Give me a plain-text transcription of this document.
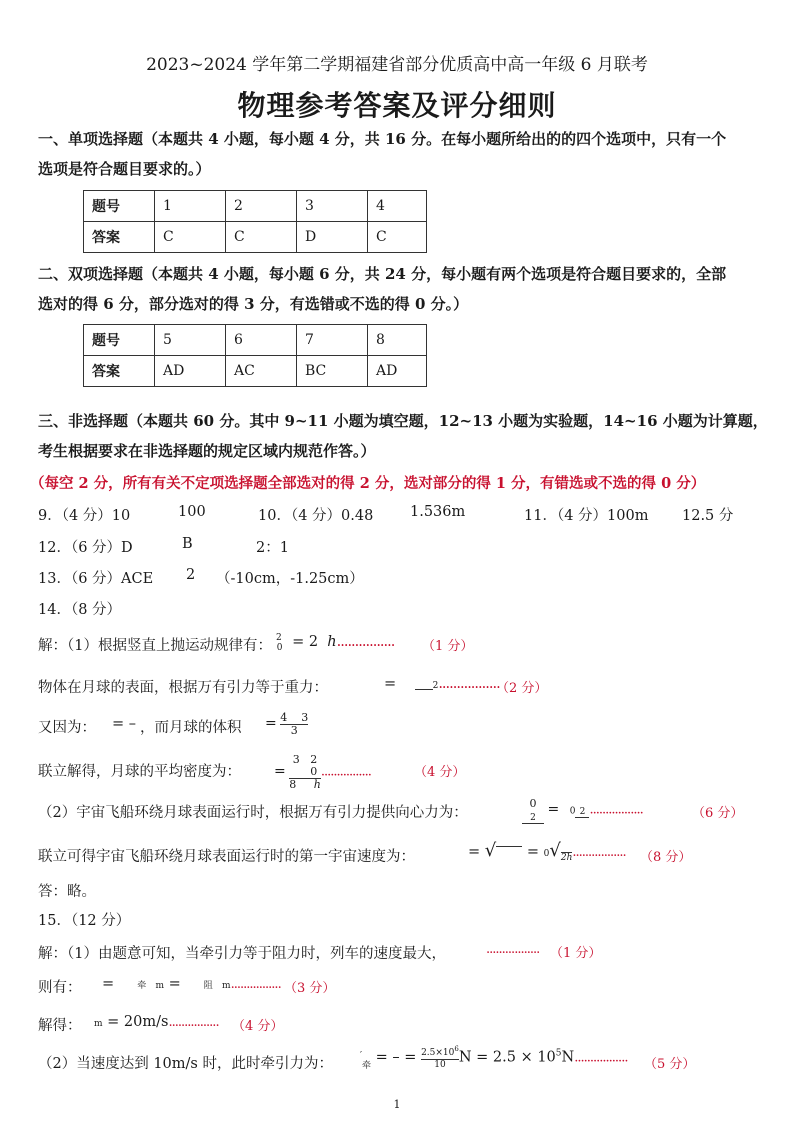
2023~2024 学年第二学期福建省部分优质高中高一年级 6 月联考
物理参考答案及评分细则
一、单项选择题（本题共 4 小题，每小题 4 分，共 16 分。在每小题所给出的的四个选项中，只有一个
选项是符合题目要求的。）
题号	1	2	3	4
答案	C	C	D	C
二、双项选择题（本题共 4 小题，每小题 6 分，共 24 分，每小题有两个选项是符合题目要求的，全部
选对的得 6 分，部分选对的得 3 分，有选错或不选的得 0 分。）
题号	5	6	7	8
答案	AD	AC	BC	AD
三、非选择题（本题共 60 分。其中 9~11 小题为填空题，12~13 小题为实验题，14~16 小题为计算题，
考生根据要求在非选择题的规定区域内规范作答。）
（每空 2 分，所有有关不定项选择题全部选对的得 2 分，选对部分的得 1 分，有错选或不选的得 0 分）
9．（4 分）10	100	10．（4 分）0.48	1.536m	11．（4 分）100m 12.5 分
12．（6 分）D	B	2：1
13．（6 分）ACE 2 （-10cm，-1.25cm）
14．（8 分）
解：（1）根据竖直上抛运动规律有： $^2_0$ = 2  h................ （1 分）
物体在月球的表面，根据万有引力等于重力：	=    2.................
（2 分）
又因为： = – ，而月球的体积 = $\frac{4 3}{3}$
联立解得，月球的平均密度为： =
3   2
0
8     h
................	（4 分）
（2）宇宙飞船环绕月球表面运行时，根据万有引力提供向心力为：
0
2 = 0 2 .................	（6 分）
联立可得宇宙飞船环绕月球表面运行时的第一宇宙速度为：	= √ = 0√2h................. （8 分）
答：略。
15．（12 分）
解：（1）由题意可知，当牵引力等于阻力时，列车的速度最大，	................. （1 分）
则有： =     牵 m =     阻 m................ （3 分）
解得： m = 20m/s................ （4 分）
（2）当速度达到 10m/s 时，此时牵引力为：
′$_牵$ = – = $\frac{2.5\times 10^6}{10}$ $N = 2.5 \times 10^5N$................. （5 分）
1
